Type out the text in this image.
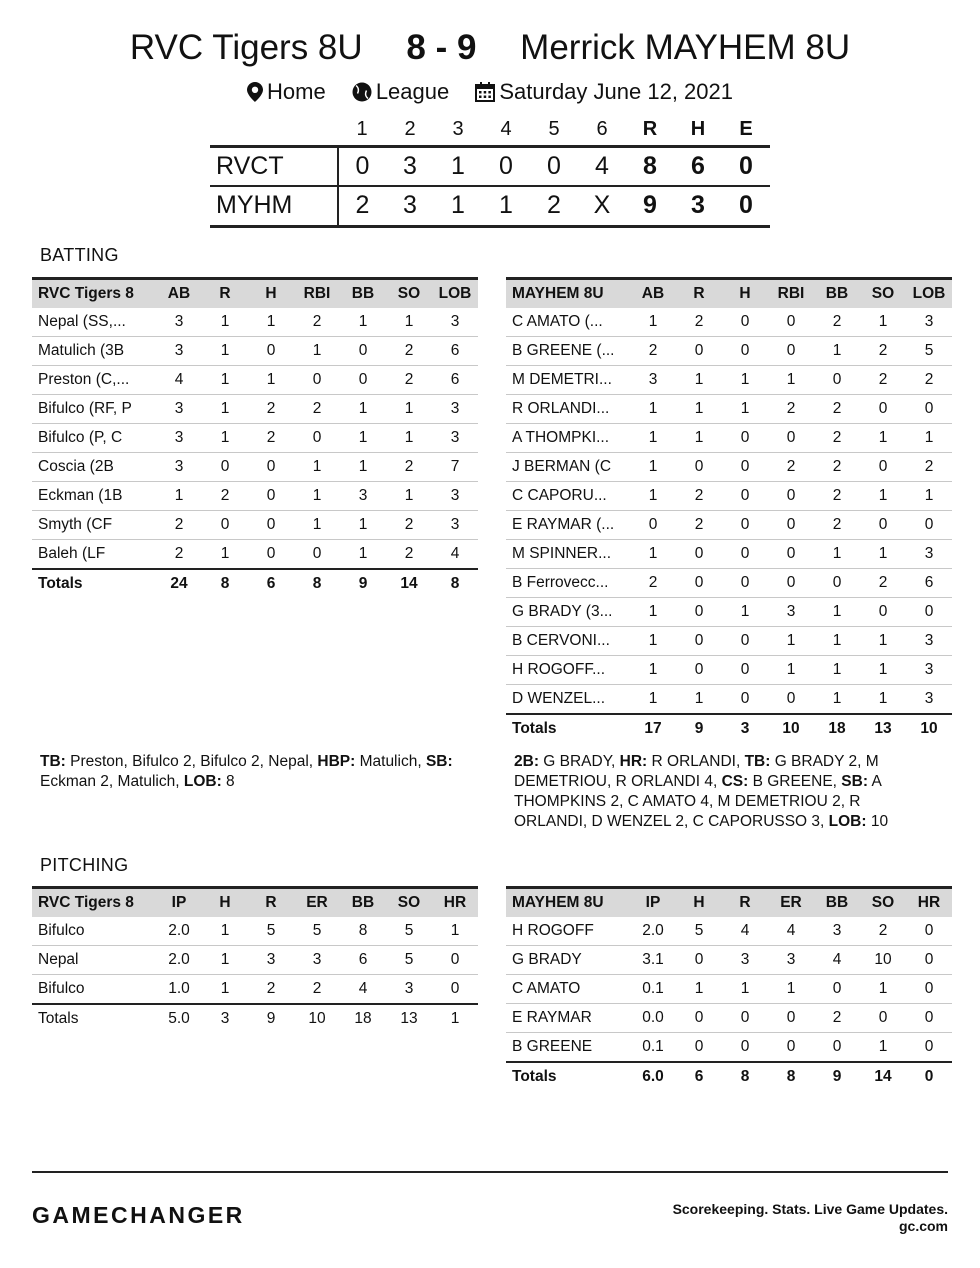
RVC Tigers 8U 8 - 9 Merrick MAYHEM 8U
Home League Saturday June 12, 2021
	1	2	3	4	5	6	R	H	E
RVCT	0	3	1	0	0	4	8	6	0
MYHM	2	3	1	1	2	X	9	3	0
BATTING
RVC Tigers 8	AB	R	H	RBI	BB	SO	LOB
Nepal (SS,...	3	1	1	2	1	1	3
Matulich (3B	3	1	0	1	0	2	6
Preston (C,...	4	1	1	0	0	2	6
Bifulco (RF, P	3	1	2	2	1	1	3
Bifulco (P, C	3	1	2	0	1	1	3
Coscia (2B	3	0	0	1	1	2	7
Eckman (1B	1	2	0	1	3	1	3
Smyth (CF	2	0	0	1	1	2	3
Baleh (LF	2	1	0	0	1	2	4
Totals	24	8	6	8	9	14	8
MAYHEM 8U	AB	R	H	RBI	BB	SO	LOB
C AMATO (...	1	2	0	0	2	1	3
B GREENE (...	2	0	0	0	1	2	5
M DEMETRI...	3	1	1	1	0	2	2
R ORLANDI...	1	1	1	2	2	0	0
A THOMPKI...	1	1	0	0	2	1	1
J BERMAN (C	1	0	0	2	2	0	2
C CAPORU...	1	2	0	0	2	1	1
E RAYMAR (...	0	2	0	0	2	0	0
M SPINNER...	1	0	0	0	1	1	3
B Ferrovecc...	2	0	0	0	0	2	6
G BRADY (3...	1	0	1	3	1	0	0
B CERVONI...	1	0	0	1	1	1	3
H ROGOFF...	1	0	0	1	1	1	3
D WENZEL...	1	1	0	0	1	1	3
Totals	17	9	3	10	18	13	10
TB: Preston, Bifulco 2, Bifulco 2, Nepal, HBP: Matulich, SB: Eckman 2, Matulich, LOB: 8
2B: G BRADY, HR: R ORLANDI, TB: G BRADY 2, M DEMETRIOU, R ORLANDI 4, CS: B GREENE, SB: A THOMPKINS 2, C AMATO 4, M DEMETRIOU 2, R ORLANDI, D WENZEL 2, C CAPORUSSO 3, LOB: 10
PITCHING
RVC Tigers 8	IP	H	R	ER	BB	SO	HR
Bifulco	2.0	1	5	5	8	5	1
Nepal	2.0	1	3	3	6	5	0
Bifulco	1.0	1	2	2	4	3	0
Totals	5.0	3	9	10	18	13	1
MAYHEM 8U	IP	H	R	ER	BB	SO	HR
H ROGOFF	2.0	5	4	4	3	2	0
G BRADY	3.1	0	3	3	4	10	0
C AMATO	0.1	1	1	1	0	1	0
E RAYMAR	0.0	0	0	0	2	0	0
B GREENE	0.1	0	0	0	0	1	0
Totals	6.0	6	8	8	9	14	0
GAMECHANGER	Scorekeeping. Stats. Live Game Updates.
gc.com
